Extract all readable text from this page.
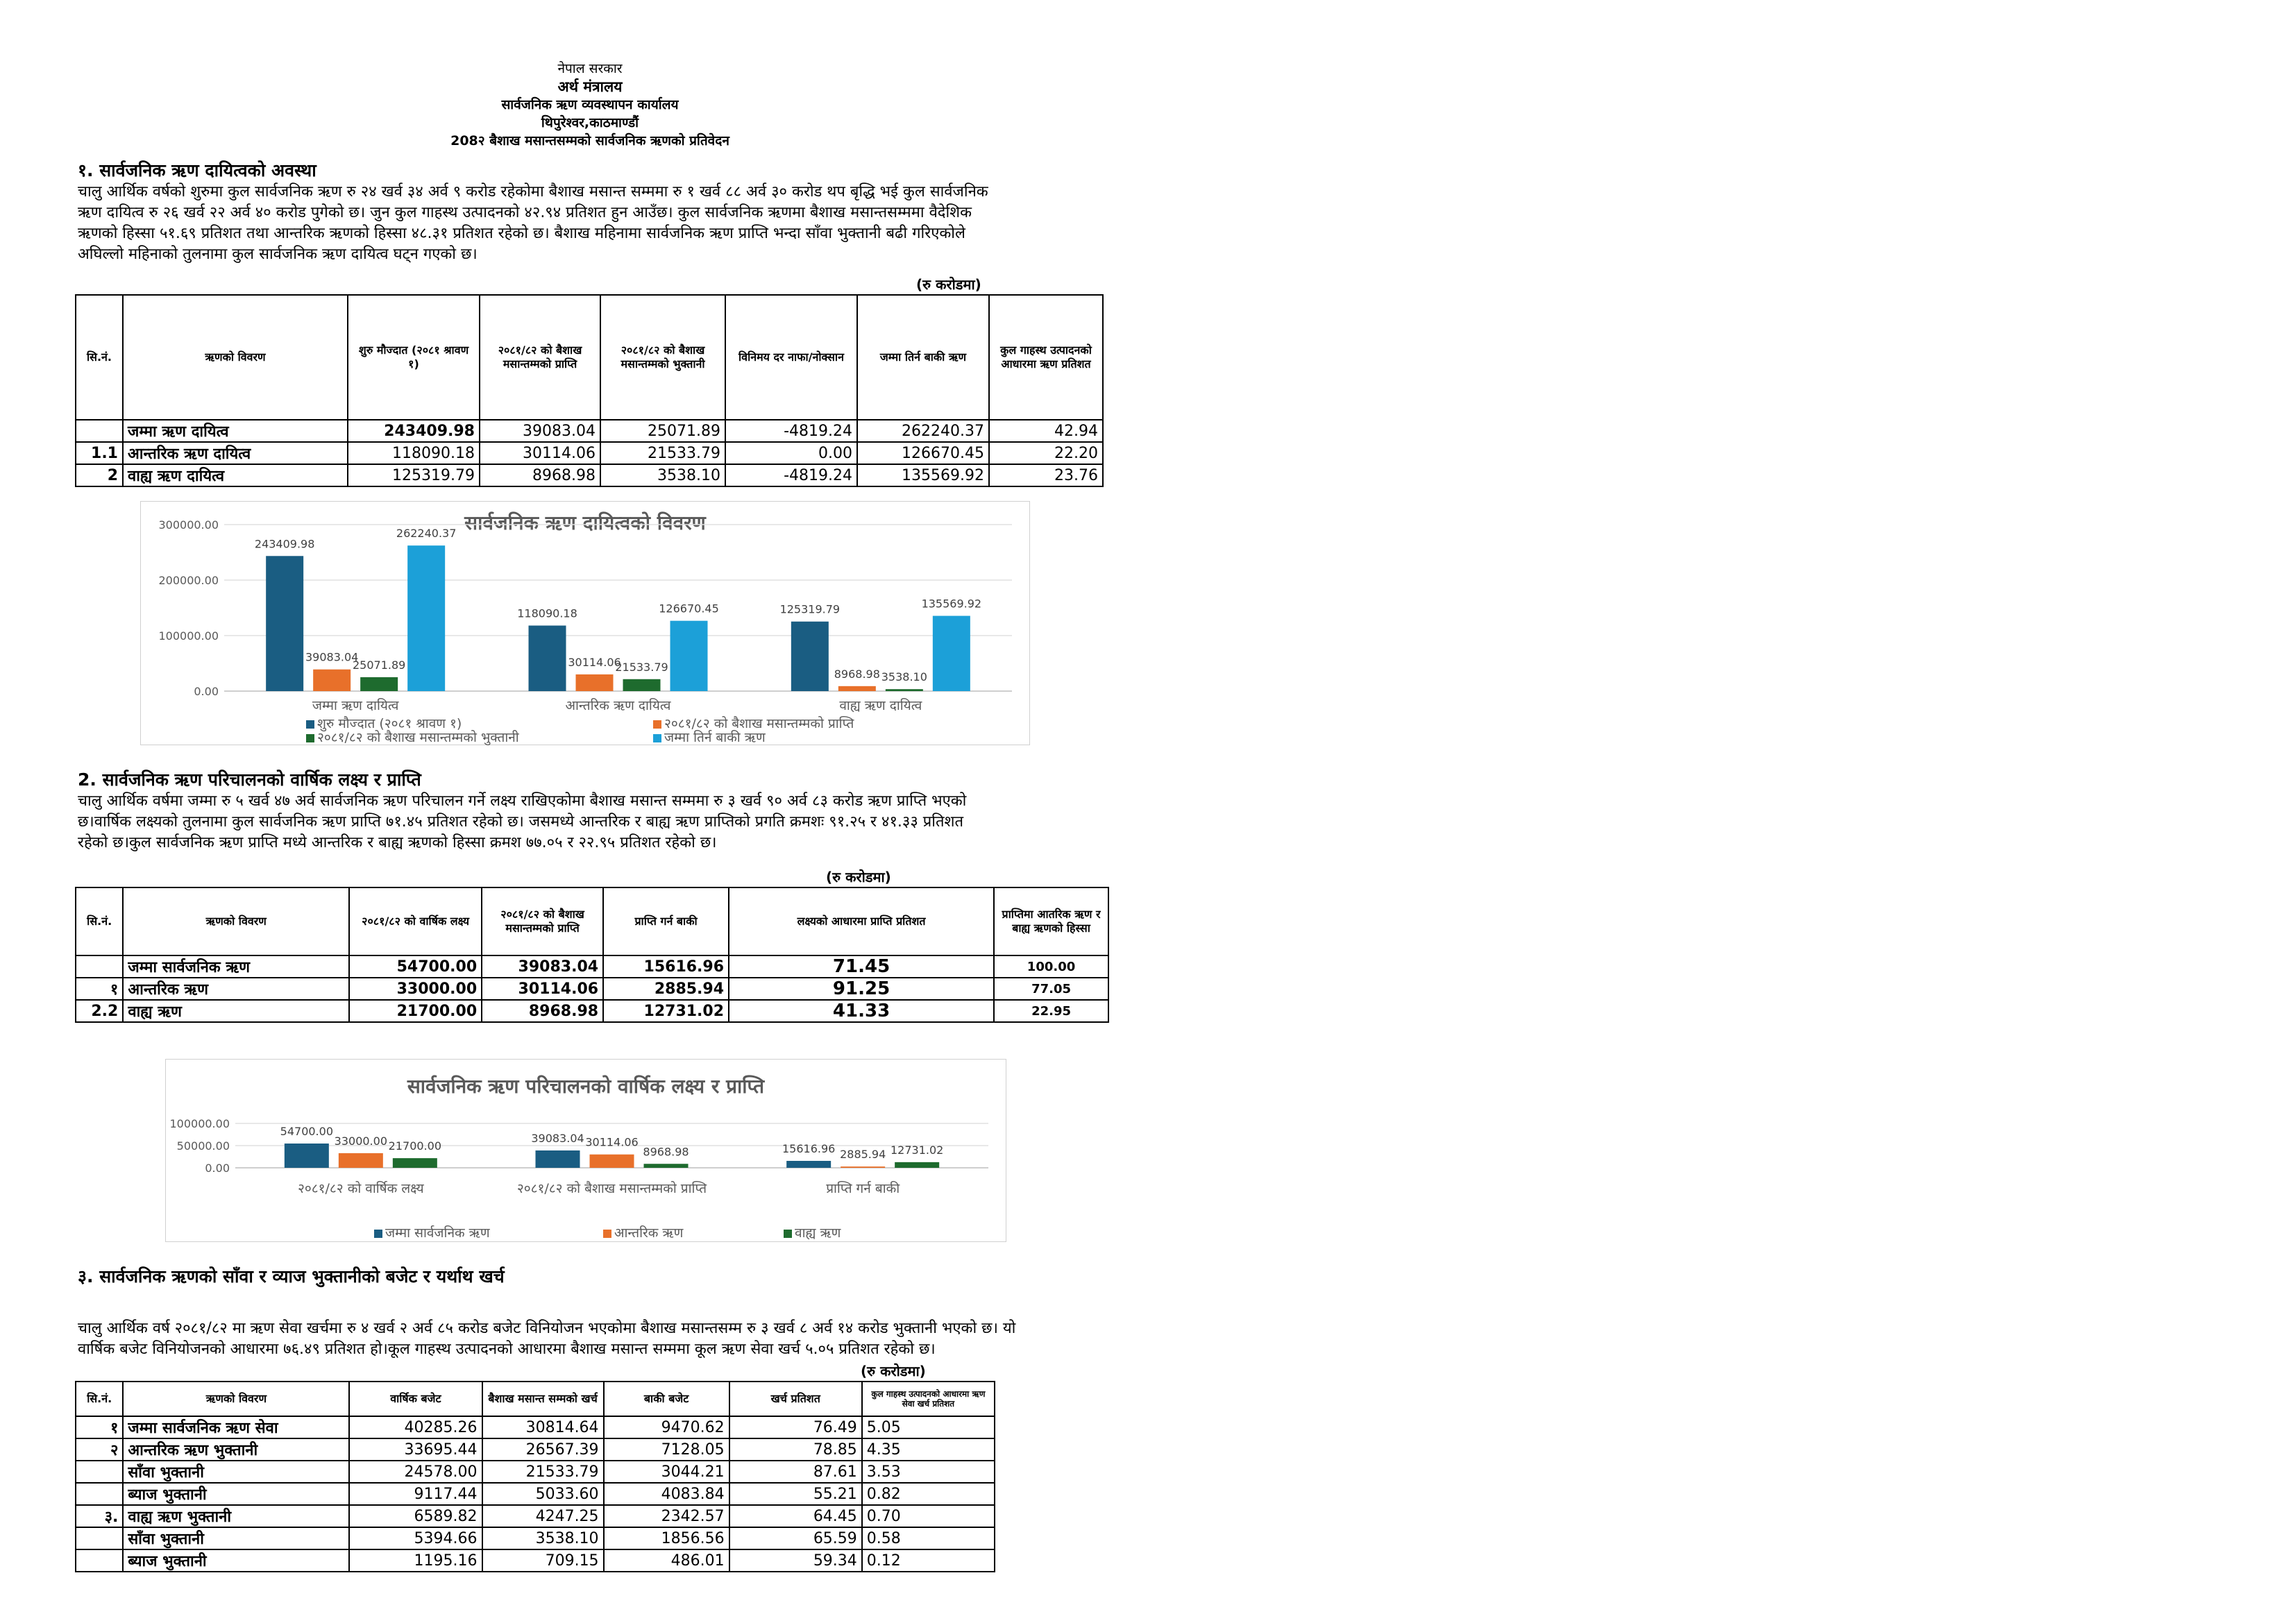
नेपाल सरकार
अर्थ मंत्रालय
सार्वजनिक ऋण व्यवस्थापन कार्यालय
थिपुरेश्वर,काठमाण्डौं
208२ बैशाख मसान्तसम्मको सार्वजनिक ऋणको प्रतिवेदन
१. सार्वजनिक ऋण दायित्वको अवस्था
चालु आर्थिक वर्षको शुरुमा कुल सार्वजनिक ऋण रु २४ खर्व ३४ अर्व ९ करोड रहेकोमा बैशाख मसान्त सम्ममा रु १ खर्व ८८ अर्व ३० करोड थप बृद्धि भई कुल सार्वजनिक
ऋण दायित्व रु २६ खर्व २२ अर्व ४० करोड पुगेको छ। जुन कुल गाहस्थ उत्पादनको ४२.९४ प्रतिशत हुन आउँछ। कुल सार्वजनिक ऋणमा बैशाख मसान्तसम्ममा वैदेशिक
ऋणको हिस्सा ५१.६९ प्रतिशत तथा आन्तरिक ऋणको हिस्सा ४८.३१ प्रतिशत रहेको छ। बैशाख महिनामा सार्वजनिक ऋण प्राप्ति भन्दा साँवा भुक्तानी बढी गरिएकोले
अघिल्लो महिनाको तुलनामा कुल सार्वजनिक ऋण दायित्व घट्न गएको छ।
(रु करोडमा)
सि.नं.	ऋणको विवरण	शुरु मौज्दात (२०८१ श्रावण १)	२०८१/८२ को बैशाख मसान्तम्मको प्राप्ति	२०८१/८२ को बैशाख मसान्तम्मको भुक्तानी	विनिमय दर नाफा/नोक्सान	जम्मा तिर्न बाकी ऋण	कुल गाहस्थ उत्पादनको आधारमा ऋण प्रतिशत
	जम्मा ऋण दायित्व	243409.98	39083.04	25071.89	-4819.24	262240.37	42.94
1.1	आन्तरिक ऋण दायित्व	118090.18	30114.06	21533.79	0.00	126670.45	22.20
2	वाह्य ऋण दायित्व	125319.79	8968.98	3538.10	-4819.24	135569.92	23.76
सार्वजनिक ऋण दायित्वको विवरण
0.00
100000.00
200000.00
300000.00
243409.98
39083.04
25071.89
262240.37
जम्मा ऋण दायित्व
118090.18
30114.06
21533.79
126670.45
आन्तरिक ऋण दायित्व
125319.79
8968.98 3538.10
135569.92
वाह्य ऋण दायित्व
शुरु मौज्दात (२०८१ श्रावण १)	२०८१/८२ को बैशाख मसान्तम्मको प्राप्ति
२०८१/८२ को बैशाख मसान्तम्मको भुक्तानी	जम्मा तिर्न बाकी ऋण
2. सार्वजनिक ऋण परिचालनको वार्षिक लक्ष्य र प्राप्ति
चालु आर्थिक वर्षमा जम्मा रु ५ खर्व ४७ अर्व सार्वजनिक ऋण परिचालन गर्ने लक्ष्य राखिएकोमा बैशाख मसान्त सम्ममा रु ३ खर्व ९० अर्व ८३ करोड ऋण प्राप्ति भएको
छ।वार्षिक लक्ष्यको तुलनामा कुल सार्वजनिक ऋण प्राप्ति ७१.४५ प्रतिशत रहेको छ। जसमध्ये आन्तरिक र बाह्य ऋण प्राप्तिको प्रगति क्रमशः ९१.२५ र ४१.३३ प्रतिशत
रहेको छ।कुल सार्वजनिक ऋण प्राप्ति मध्ये आन्तरिक र बाह्य ऋणको हिस्सा क्रमश ७७.०५ र २२.९५ प्रतिशत रहेको छ।
(रु करोडमा)
सि.नं.	ऋणको विवरण	२०८१/८२ को वार्षिक लक्ष्य	२०८१/८२ को बैशाख मसान्तम्मको प्राप्ति	प्राप्ति गर्न बाकी	लक्ष्यको आधारमा प्राप्ति प्रतिशत	प्राप्तिमा आतरिक ऋण र बाह्य ऋणको हिस्सा
	जम्मा सार्वजनिक ऋण	54700.00	39083.04	15616.96	71.45	100.00
१	आन्तरिक ऋण	33000.00	30114.06	2885.94	91.25	77.05
2.2	वाह्य ऋण	21700.00	8968.98	12731.02	41.33	22.95
सार्वजनिक ऋण परिचालनको वार्षिक लक्ष्य र प्राप्ति
0.00
50000.00
100000.00
54700.00
33000.00 21700.00
२०८१/८२ को वार्षिक लक्ष्य
39083.04 30114.06
8968.98
२०८१/८२ को बैशाख मसान्तम्मको प्राप्ति
15616.96 2885.94 12731.02
प्राप्ति गर्न बाकी
जम्मा सार्वजनिक ऋण	आन्तरिक ऋण	वाह्य ऋण
३. सार्वजनिक ऋणको साँवा र व्याज भुक्तानीको बजेट र यर्थाथ खर्च
चालु आर्थिक वर्ष २०८१/८२ मा ऋण सेवा खर्चमा रु ४ खर्व २ अर्व ८५ करोड बजेट विनियोजन भएकोमा बैशाख मसान्तसम्म रु ३ खर्व ८ अर्व १४ करोड भुक्तानी भएको छ। यो
वार्षिक बजेट विनियोजनको आधारमा ७६.४९ प्रतिशत हो।कूल गाहस्थ उत्पादनको आधारमा बैशाख मसान्त सम्ममा कूल ऋण सेवा खर्च ५.०५ प्रतिशत रहेको छ।
(रु करोडमा)
सि.नं.	ऋणको विवरण	वार्षिक बजेट	बैशाख मसान्त सम्मको खर्च	बाकी बजेट	खर्च प्रतिशत	कुल गाहस्थ उत्पादनको आधारमा ऋण सेवा खर्च प्रतिशत
१	जम्मा सार्वजनिक ऋण सेवा	40285.26	30814.64	9470.62	76.49	5.05
२	आन्तरिक ऋण भुक्तानी	33695.44	26567.39	7128.05	78.85	4.35
	साँवा भुक्तानी	24578.00	21533.79	3044.21	87.61	3.53
	ब्याज भुक्तानी	9117.44	5033.60	4083.84	55.21	0.82
३.	वाह्य ऋण भुक्तानी	6589.82	4247.25	2342.57	64.45	0.70
	साँवा भुक्तानी	5394.66	3538.10	1856.56	65.59	0.58
	ब्याज भुक्तानी	1195.16	709.15	486.01	59.34	0.12
